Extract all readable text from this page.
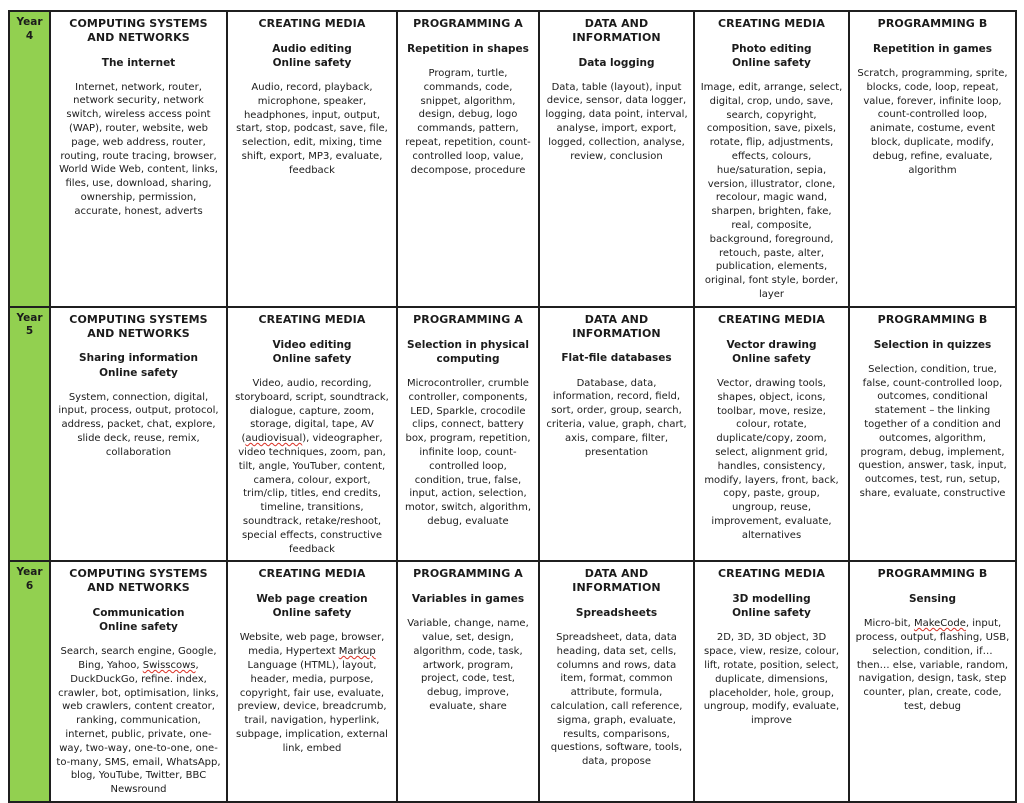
Year
4
COMPUTING SYSTEMS AND NETWORKS
The internet
Internet, network, router, network security, network switch, wireless access point (WAP), router, website, web page, web address, router, routing, route tracing, browser, World Wide Web, content, links, files, use, download, sharing, ownership, permission, accurate, honest, adverts
CREATING MEDIA
Audio editing
Online safety
Audio, record, playback, microphone, speaker, headphones, input, output, start, stop, podcast, save, file, selection, edit, mixing, time shift, export, MP3, evaluate, feedback
PROGRAMMING A
Repetition in shapes
Program, turtle, commands, code, snippet, algorithm, design, debug, logo commands, pattern, repeat, repetition, count-controlled loop, value, decompose, procedure
DATA AND INFORMATION
Data logging
Data, table (layout), input device, sensor, data logger, logging, data point, interval, analyse, import, export, logged, collection, analyse, review, conclusion
CREATING MEDIA
Photo editing
Online safety
Image, edit, arrange, select, digital, crop, undo, save, search, copyright, composition, save, pixels, rotate, flip, adjustments, effects, colours, hue/saturation, sepia, version, illustrator, clone, recolour, magic wand, sharpen, brighten, fake, real, composite, background, foreground, retouch, paste, alter, publication, elements, original, font style, border, layer
PROGRAMMING B
Repetition in games
Scratch, programming, sprite, blocks, code, loop, repeat, value, forever, infinite loop, count-controlled loop, animate, costume, event block, duplicate, modify, debug, refine, evaluate, algorithm
Year
5
COMPUTING SYSTEMS AND NETWORKS
Sharing information
Online safety
System, connection, digital, input, process, output, protocol, address, packet, chat, explore, slide deck, reuse, remix, collaboration
CREATING MEDIA
Video editing
Online safety
Video, audio, recording, storyboard, script, soundtrack, dialogue, capture, zoom, storage, digital, tape, AV (audiovisual), videographer, video techniques, zoom, pan, tilt, angle, YouTuber, content, camera, colour, export, trim/clip, titles, end credits, timeline, transitions, soundtrack, retake/reshoot, special effects, constructive feedback
PROGRAMMING A
Selection in physical computing
Microcontroller, crumble controller, components, LED, Sparkle, crocodile clips, connect, battery box, program, repetition, infinite loop, count-controlled loop, condition, true, false, input, action, selection, motor, switch, algorithm, debug, evaluate
DATA AND INFORMATION
Flat-file databases
Database, data, information, record, field, sort, order, group, search, criteria, value, graph, chart, axis, compare, filter, presentation
CREATING MEDIA
Vector drawing
Online safety
Vector, drawing tools, shapes, object, icons, toolbar, move, resize, colour, rotate, duplicate/copy, zoom, select, alignment grid, handles, consistency, modify, layers, front, back, copy, paste, group, ungroup, reuse, improvement, evaluate, alternatives
PROGRAMMING B
Selection in quizzes
Selection, condition, true, false, count-controlled loop, outcomes, conditional statement – the linking together of a condition and outcomes, algorithm, program, debug, implement, question, answer, task, input, outcomes, test, run, setup, share, evaluate, constructive
Year
6
COMPUTING SYSTEMS AND NETWORKS
Communication
Online safety
Search, search engine, Google, Bing, Yahoo, Swisscows, DuckDuckGo, refine. index, crawler, bot, optimisation, links, web crawlers, content creator, ranking, communication, internet, public, private, one-way, two-way, one-to-one, one-to-many, SMS, email, WhatsApp, blog, YouTube, Twitter, BBC Newsround
CREATING MEDIA
Web page creation
Online safety
Website, web page, browser, media, Hypertext Markup Language (HTML), layout, header, media, purpose, copyright, fair use, evaluate, preview, device, breadcrumb, trail, navigation, hyperlink, subpage, implication, external link, embed
PROGRAMMING A
Variables in games
Variable, change, name, value, set, design, algorithm, code, task, artwork, program, project, code, test, debug, improve, evaluate, share
DATA AND INFORMATION
Spreadsheets
Spreadsheet, data, data heading, data set, cells, columns and rows, data item, format, common attribute, formula, calculation, call reference, sigma, graph, evaluate, results, comparisons, questions, software, tools, data, propose
CREATING MEDIA
3D modelling
Online safety
2D, 3D, 3D object, 3D space, view, resize, colour, lift, rotate, position, select, duplicate, dimensions, placeholder, hole, group, ungroup, modify, evaluate, improve
PROGRAMMING B
Sensing
Micro-bit, MakeCode, input, process, output, flashing, USB, selection, condition, if… then… else, variable, random, navigation, design, task, step counter, plan, create, code, test, debug
